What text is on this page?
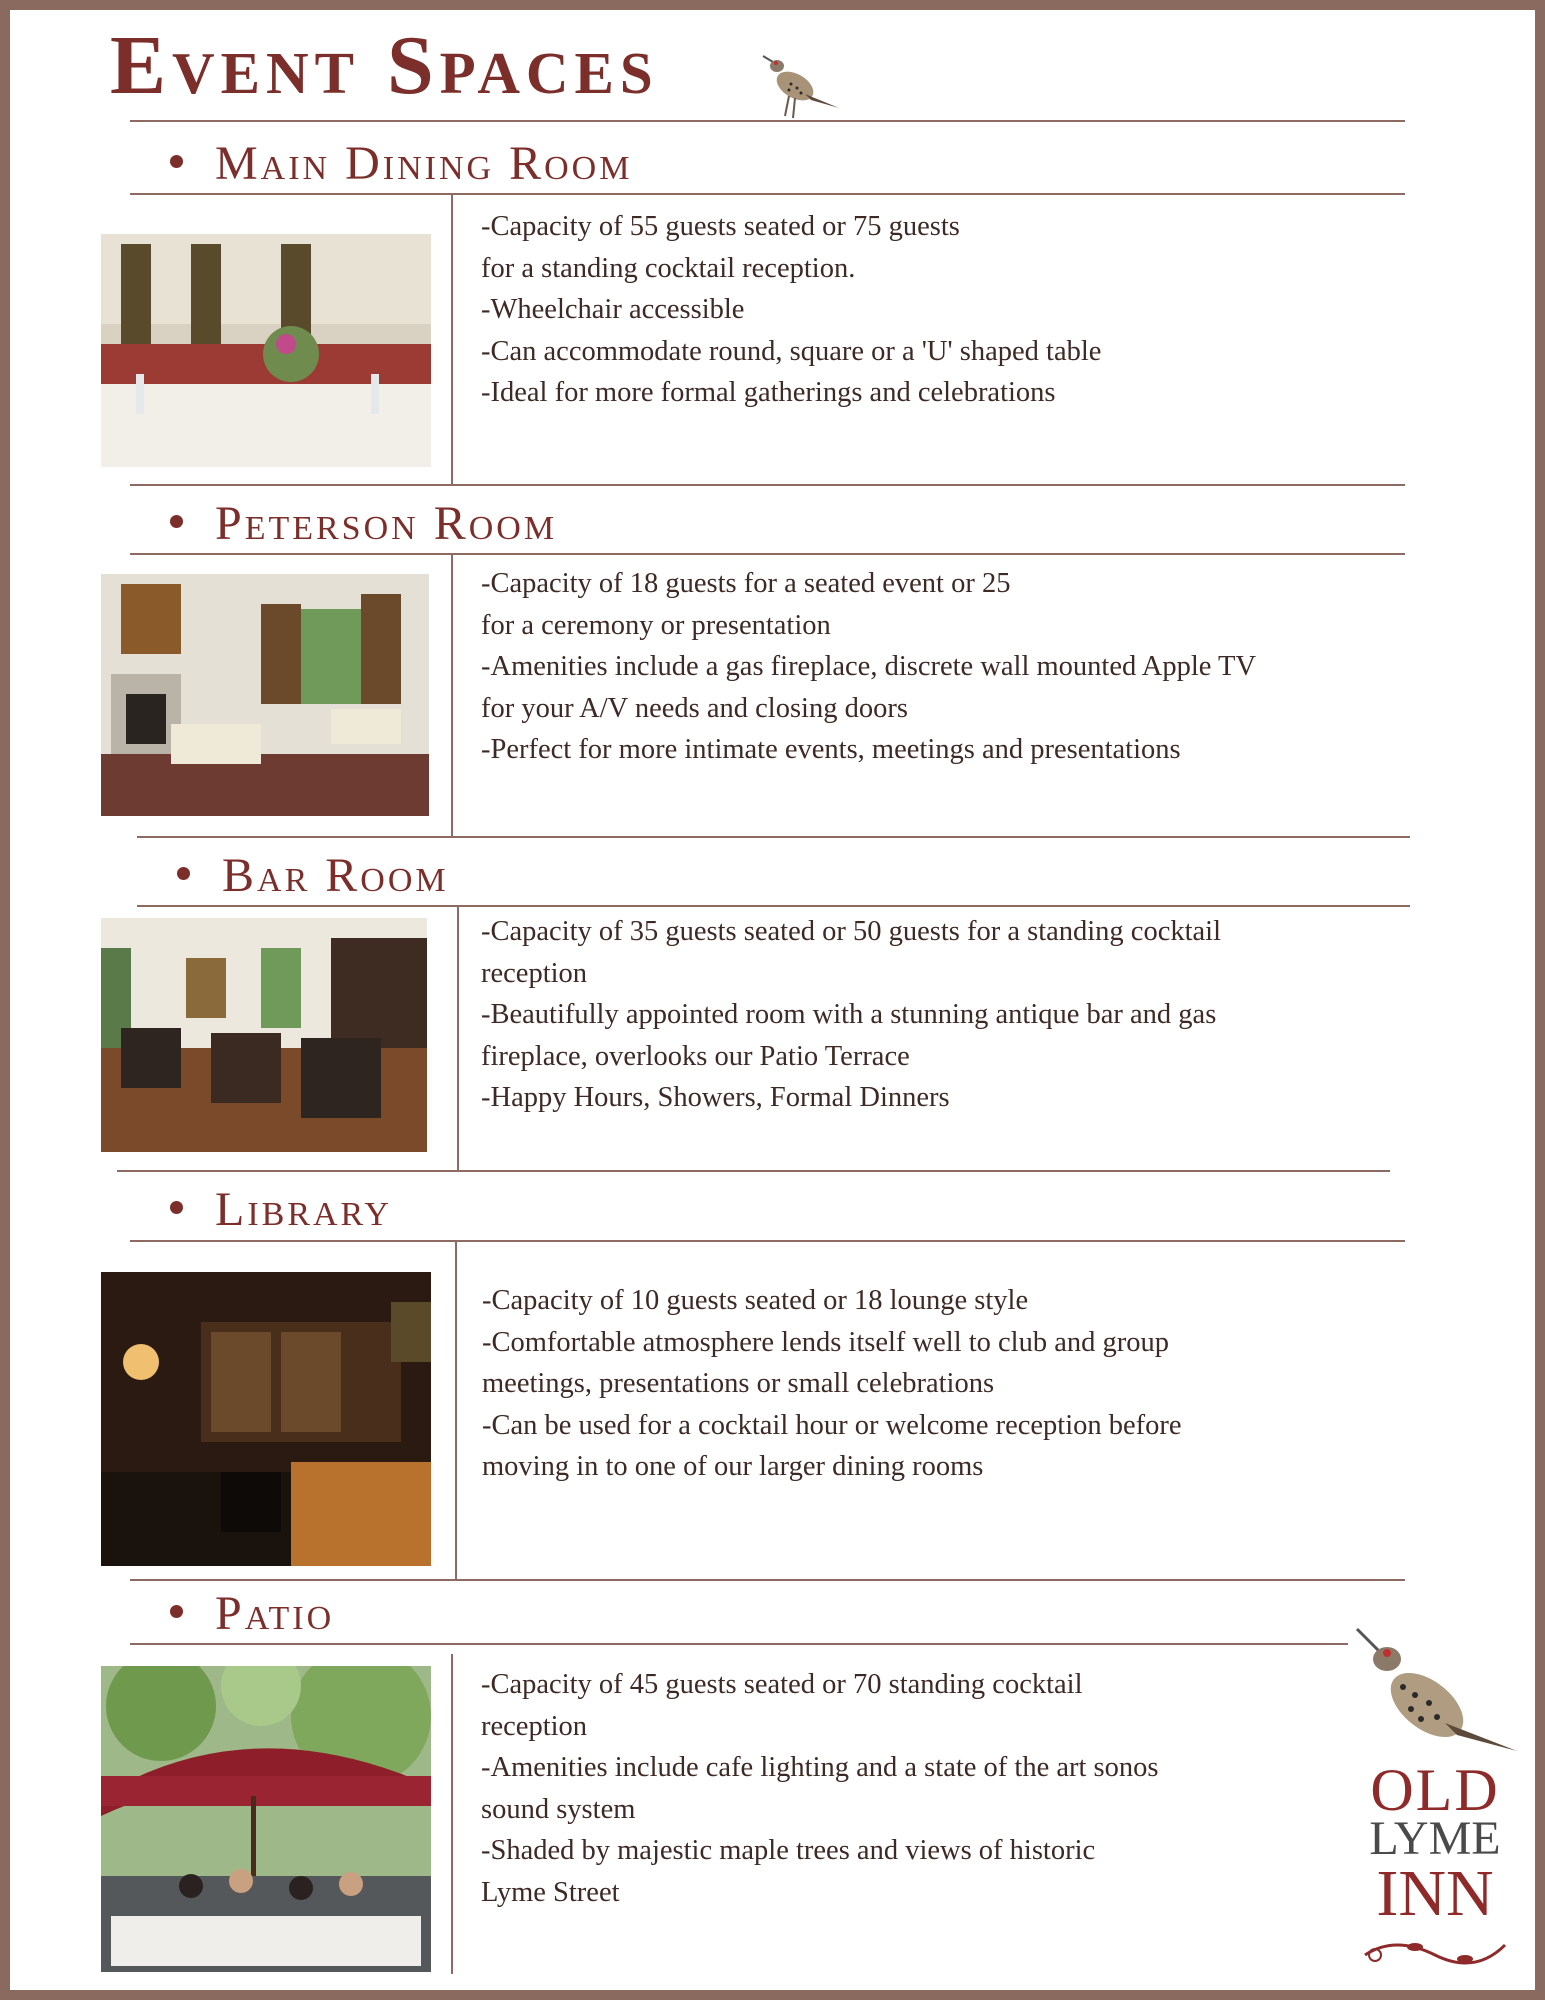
Event Spaces
Main Dining Room
-Capacity of 55 guests seated or 75 guests
for a standing cocktail reception.
-Wheelchair accessible
-Can accommodate round, square or a 'U' shaped table
-Ideal for more formal gatherings and celebrations
Peterson Room
-Capacity of 18 guests for a seated event or 25
for a ceremony or presentation
-Amenities include a gas fireplace, discrete wall mounted Apple TV
for your A/V needs and closing doors
-Perfect for more intimate events, meetings and presentations
Bar Room
-Capacity of 35 guests seated or 50 guests for a standing cocktail
reception
-Beautifully appointed room with a stunning antique bar and gas
fireplace, overlooks our Patio Terrace
-Happy Hours, Showers, Formal Dinners
Library
-Capacity of 10 guests seated or 18 lounge style
-Comfortable atmosphere lends itself well to club and group
meetings, presentations or small celebrations
-Can be used for a cocktail hour or welcome reception before
moving in to one of our larger dining rooms
Patio
-Capacity of 45 guests seated or 70 standing cocktail
reception
-Amenities include cafe lighting and a state of the art sonos
sound system
-Shaded by majestic maple trees and views of historic
Lyme Street
OLD
LYME
INN
